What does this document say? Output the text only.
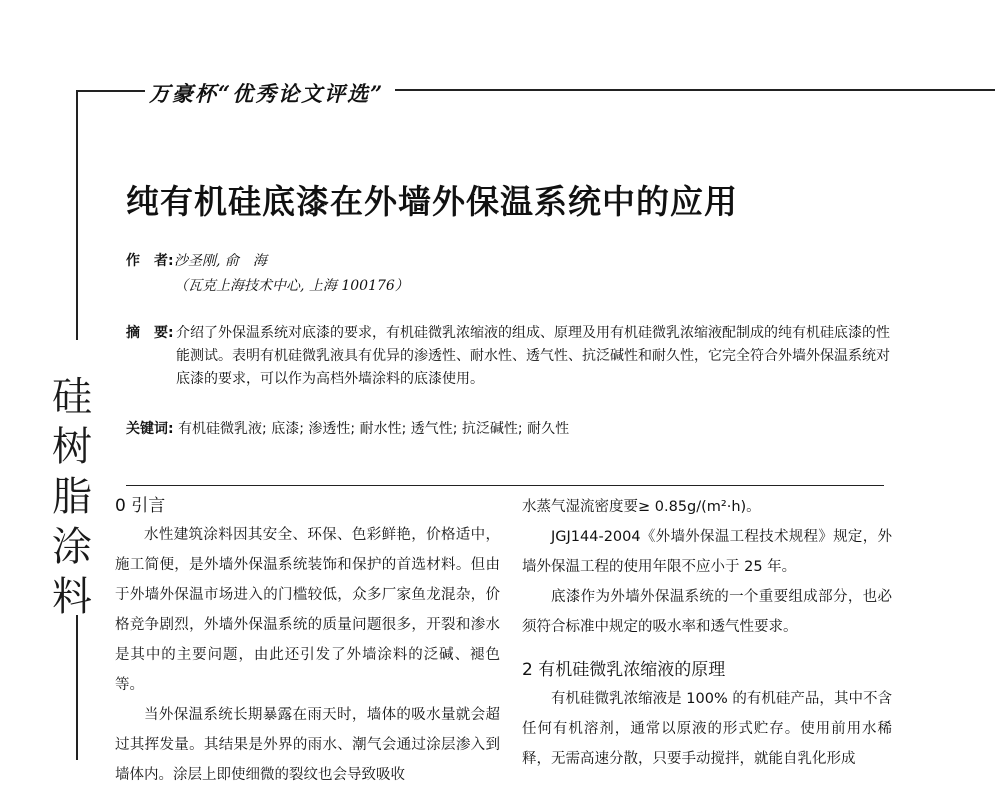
万豪杯“优秀论文评选”
硅
树
脂
涂
料
纯有机硅底漆在外墙外保温系统中的应用
作　者:沙圣刚, 俞　海
（瓦克上海技术中心, 上海 100176）
摘　要: 介绍了外保温系统对底漆的要求，有机硅微乳浓缩液的组成、原理及用有机硅微乳浓缩液配制成的纯有机硅底漆的性能测试。表明有机硅微乳液具有优异的渗透性、耐水性、透气性、抗泛碱性和耐久性，它完全符合外墙外保温系统对底漆的要求，可以作为高档外墙涂料的底漆使用。
关键词: 有机硅微乳液; 底漆; 渗透性; 耐水性; 透气性; 抗泛碱性; 耐久性
0 引言

水性建筑涂料因其安全、环保、色彩鲜艳，价格适中，施工简便，是外墙外保温系统装饰和保护的首选材料。但由于外墙外保温市场进入的门槛较低，众多厂家鱼龙混杂，价格竞争剧烈，外墙外保温系统的质量问题很多，开裂和渗水是其中的主要问题，由此还引发了外墙涂料的泛碱、褪色等。

当外保温系统长期暴露在雨天时，墙体的吸水量就会超过其挥发量。其结果是外界的雨水、潮气会通过涂层渗入到墙体内。涂层上即使细微的裂纹也会导致吸收

水蒸气湿流密度要≥ 0.85g/(m²·h)。

JGJ144-2004《外墙外保温工程技术规程》规定，外墙外保温工程的使用年限不应小于 25 年。

底漆作为外墙外保温系统的一个重要组成部分，也必须符合标准中规定的吸水率和透气性要求。

2 有机硅微乳浓缩液的原理

有机硅微乳浓缩液是 100% 的有机硅产品，其中不含任何有机溶剂，通常以原液的形式贮存。使用前用水稀释，无需高速分散，只要手动搅拌，就能自乳化形成
